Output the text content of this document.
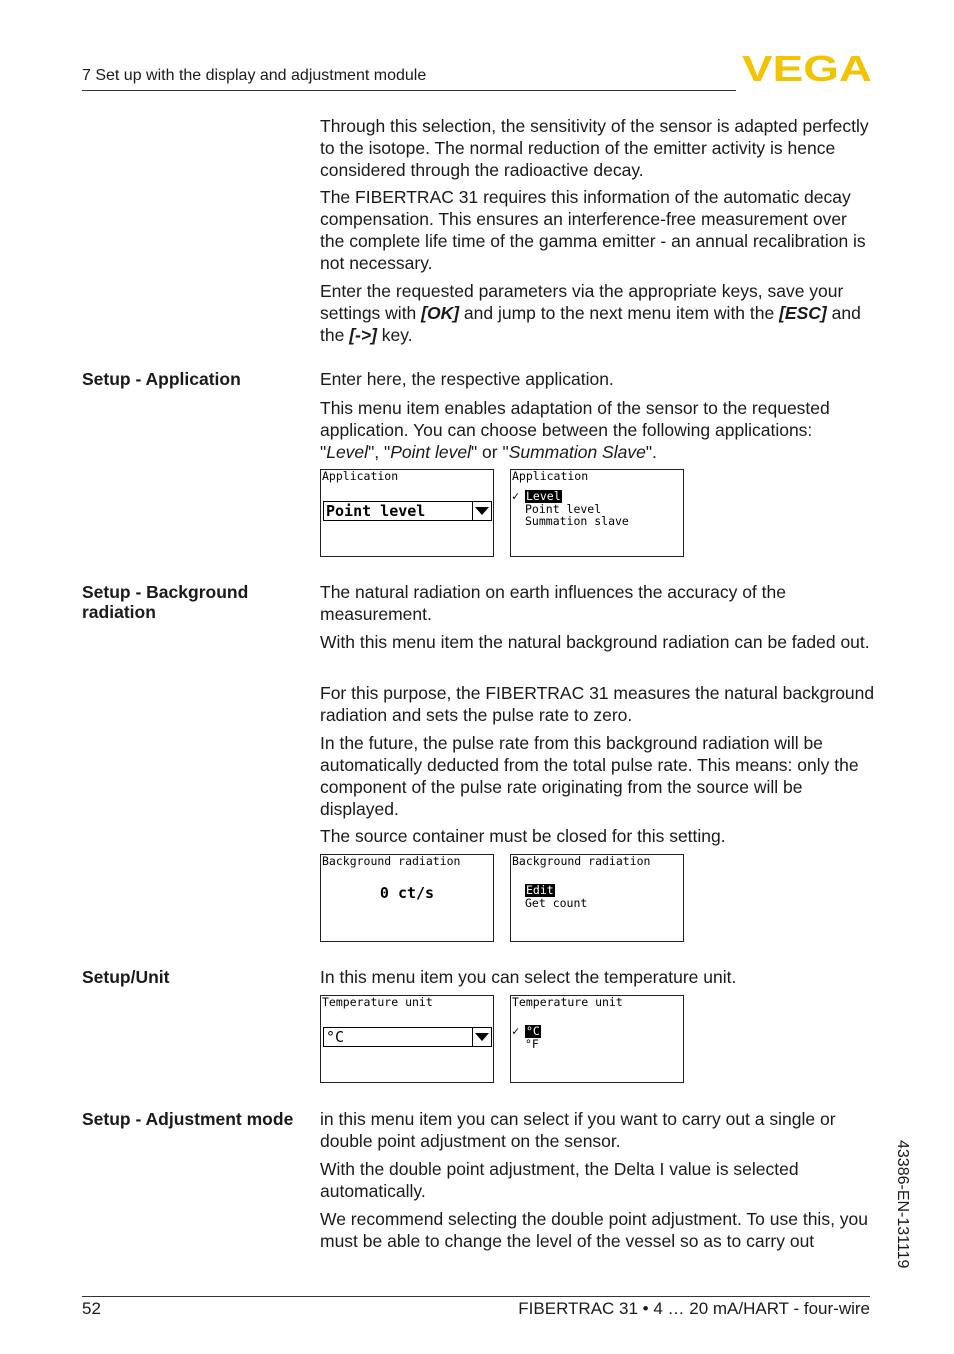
7 Set up with the display and adjustment module	VEGA

Through this selection, the sensitivity of the sensor is adapted perfectly to the isotope. The normal reduction of the emitter activity is hence considered through the radioactive decay.

The FIBERTRAC 31 requires this information of the automatic decay compensation. This ensures an interference-free measurement over the complete life time of the gamma emitter - an annual recalibration is not necessary.

Enter the requested parameters via the appropriate keys, save your settings with [OK] and jump to the next menu item with the [ESC] and the [->] key.

Setup - Application	Enter here, the respective application.

This menu item enables adaptation of the sensor to the requested application. You can choose between the following applications: "Level", "Point level" or "Summation Slave".

Application
Point level
Application
✓ Level
Point level
Summation slave
Setup - Background radiation

The natural radiation on earth influences the accuracy of the measurement.

With this menu item the natural background radiation can be faded out.

For this purpose, the FIBERTRAC 31 measures the natural background radiation and sets the pulse rate to zero.

In the future, the pulse rate from this background radiation will be automatically deducted from the total pulse rate. This means: only the component of the pulse rate originating from the source will be displayed.

The source container must be closed for this setting.

Background radiation
0 ct/s
Background radiation
Edit
Get count
Setup/Unit	In this menu item you can select the temperature unit.

Temperature unit
°C
Temperature unit
✓ °C
°F
Setup - Adjustment mode	in this menu item you can select if you want to carry out a single or double point adjustment on the sensor.

With the double point adjustment, the Delta I value is selected automatically.

We recommend selecting the double point adjustment. To use this, you must be able to change the level of the vessel so as to carry out	43386-EN-131119
52	FIBERTRAC 31 • 4 … 20 mA/HART - four-wire
